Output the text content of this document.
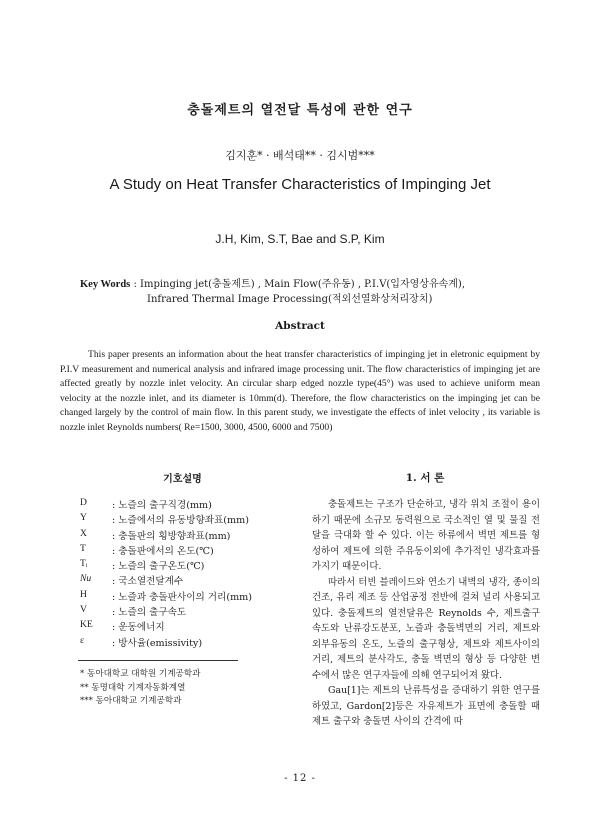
충돌제트의 열전달 특성에 관한 연구
김지훈* · 배석태** · 김시범***
A Study on Heat Transfer Characteristics of Impinging Jet
J.H, Kim, S.T, Bae and S.P, Kim
Key Words : Impinging jet(충돌제트) , Main Flow(주유동) , P.I.V(입자영상유속계),
Infrared Thermal Image Processing(적외선열화상처리장치)
Abstract
This paper presents an information about the heat transfer characteristics of impinging jet in eletronic equipment by P.I.V measurement and numerical analysis and infrared image processing unit. The flow characteristics of impinging jet are affected greatly by nozzle inlet velocity. An circular sharp edged nozzle type(45°) was used to achieve uniform mean velocity at the nozzle inlet, and its diameter is 10mm(d). Therefore, the flow characteristics on the impinging jet can be changed largely by the control of main flow. In this parent study, we investigate the effects of inlet velocity , its variable is nozzle inlet Reynolds numbers( Re=1500, 3000, 4500, 6000 and 7500)
기호설명
D	: 노즐의 출구직경(mm)
Y	: 노즐에서의 유동방향좌표(mm)
X	: 충돌판의 횡방향좌표(mm)
T	: 충돌판에서의 온도(℃)
Tᵢ	: 노즐의 출구온도(℃)
Nu	: 국소열전달계수
H	: 노즐과 충돌판사이의 거리(mm)
V	: 노즐의 출구속도
KE	: 운동에너지
ε	: 방사율(emissivity)
* 동아대학교 대학원 기계공학과
** 동명대학 기계자동화계열
*** 동아대학교 기계공학과
1. 서 론

충돌제트는 구조가 단순하고, 냉각 위치 조절이 용이하기 때문에 소규모 동력원으로 국소적인 열 및 물질 전달을 극대화 할 수 있다. 이는 하류에서 벽면 제트를 형성하여 제트에 의한 주유동이외에 추가적인 냉각효과를 가지기 때문이다.

따라서 터빈 블레이드와 연소기 내벽의 냉각, 종이의 건조, 유리 제조 등 산업공정 전반에 걸쳐 널리 사용되고 있다. 충돌제트의 열전달유은 Reynolds 수, 제트출구 속도와 난류강도분포, 노즐과 충돌벽면의 거리, 제트와 외부유동의 온도, 노즐의 출구형상, 제트와 제트사이의 거리, 제트의 분사각도, 충돌 벽면의 형상 등 다양한 변수에서 많은 연구자들에 의해 연구되어져 왔다.

Gau[1]는 제트의 난류특성을 증대하기 위한 연구를 하였고, Gardon[2]등은 자유제트가 표면에 충돌할 때 제트 출구와 충돌면 사이의 간격에 따

- 12 -
